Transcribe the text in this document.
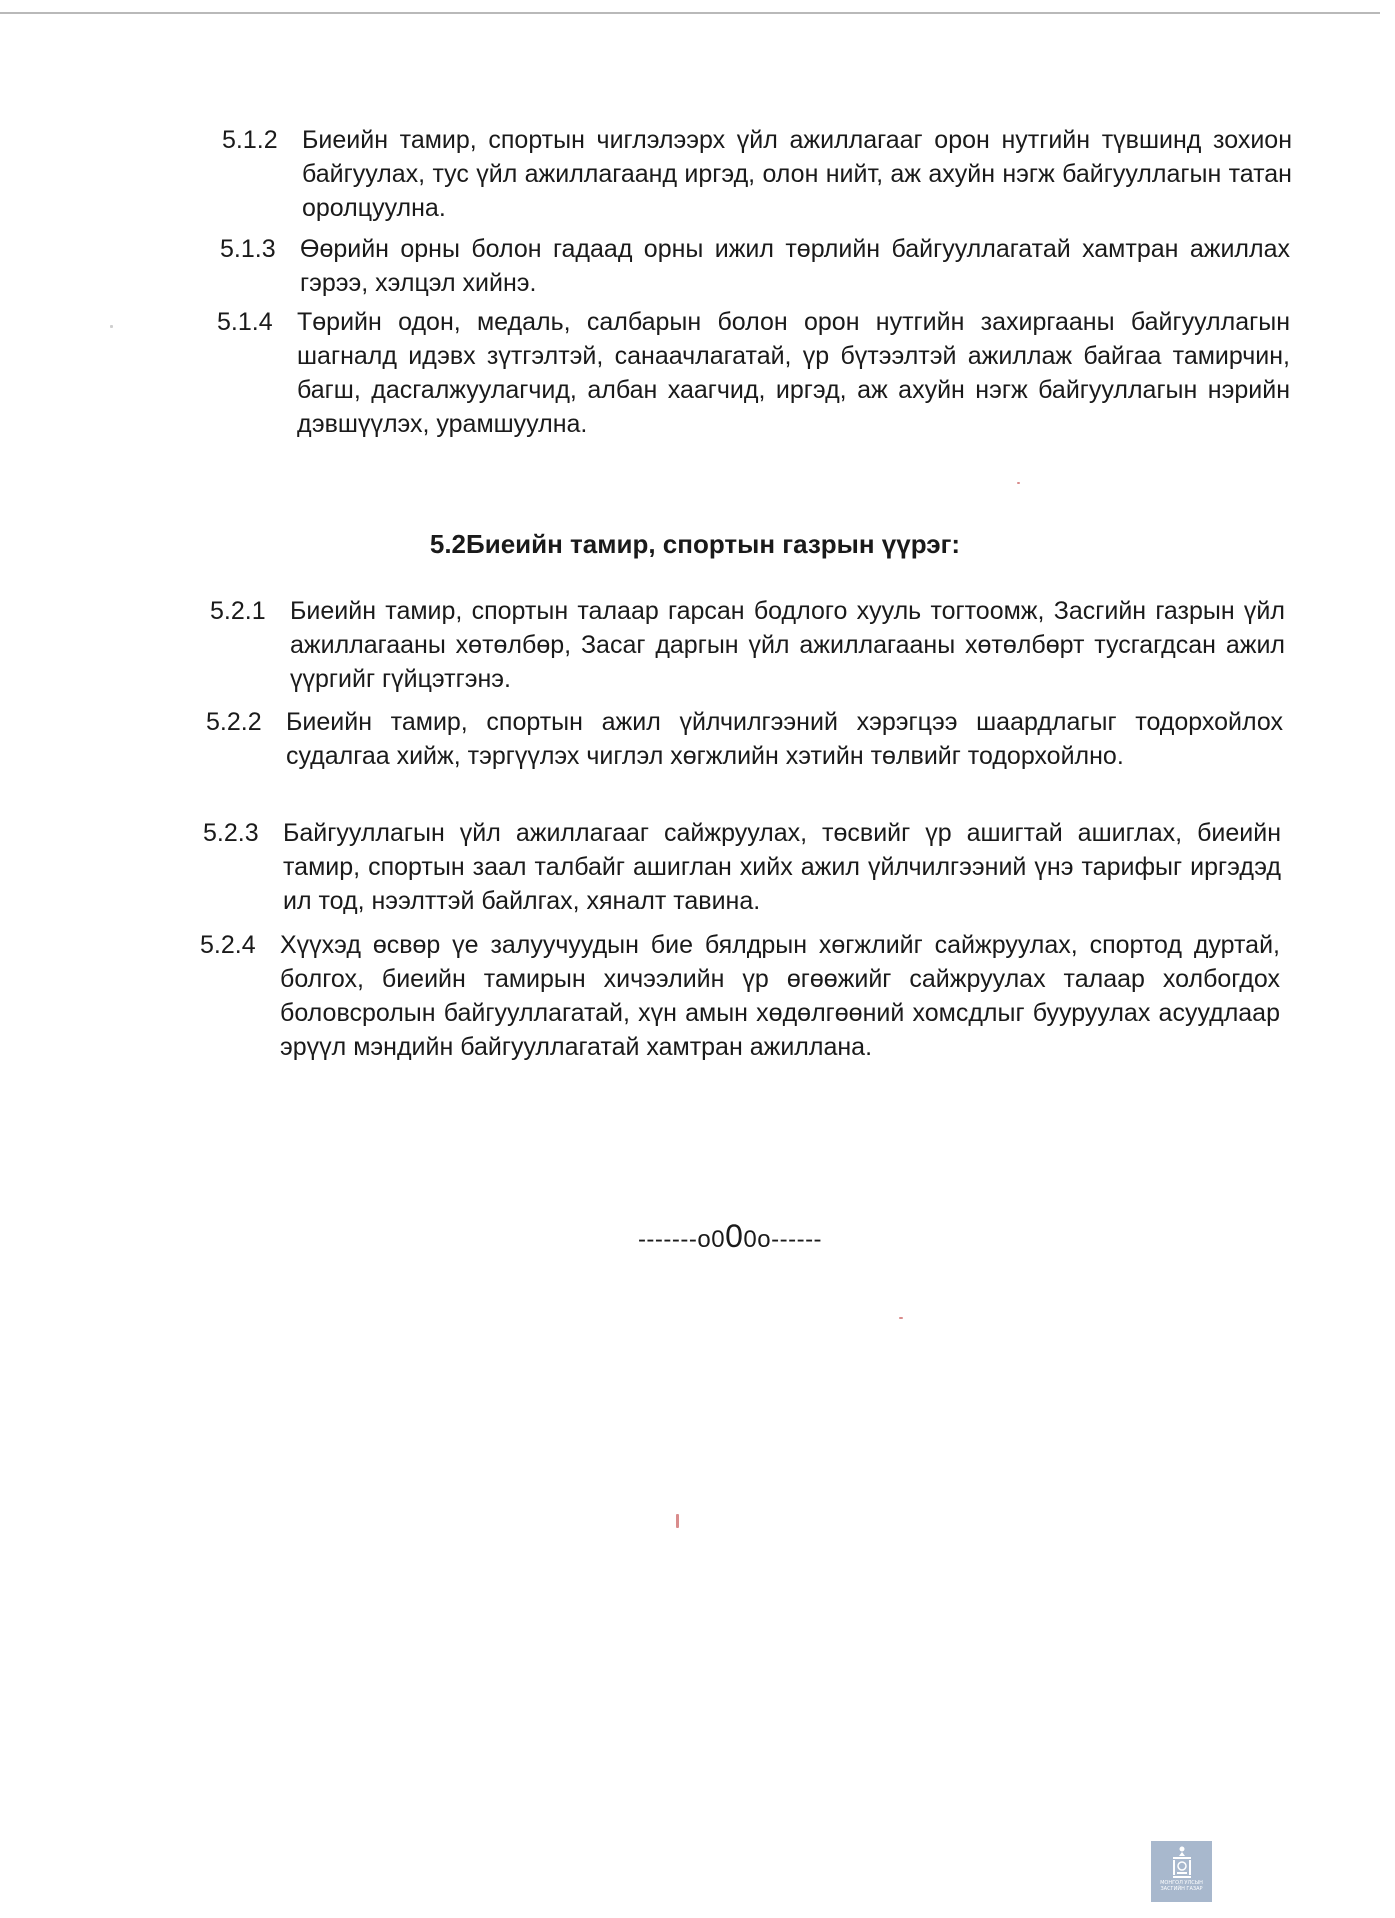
5.1.2 Биеийн тамир, спортын чиглэлээрх үйл ажиллагааг орон нутгийн түвшинд зохион байгуулах, тус үйл ажиллагаанд иргэд, олон нийт, аж ахуйн нэгж байгууллагын татан оролцуулна.
5.1.3 Өөрийн орны болон гадаад орны ижил төрлийн байгууллагатай хамтран ажиллах гэрээ, хэлцэл хийнэ.
5.1.4 Төрийн одон, медаль, салбарын болон орон нутгийн захиргааны байгууллагын шагналд идэвх зүтгэлтэй, санаачлагатай, үр бүтээлтэй ажиллаж байгаа тамирчин, багш, дасгалжуулагчид, албан хаагчид, иргэд, аж ахуйн нэгж байгууллагын нэрийн дэвшүүлэх, урамшуулна.
5.2Биеийн тамир, спортын газрын үүрэг:
5.2.1 Биеийн тамир, спортын талаар гарсан бодлого хууль тогтоомж, Засгийн газрын үйл ажиллагааны хөтөлбөр, Засаг даргын үйл ажиллагааны хөтөлбөрт тусгагдсан ажил үүргийг гүйцэтгэнэ.
5.2.2 Биеийн тамир, спортын ажил үйлчилгээний хэрэгцээ шаардлагыг тодорхойлох судалгаа хийж, тэргүүлэх чиглэл хөгжлийн хэтийн төлвийг тодорхойлно.
5.2.3 Байгууллагын үйл ажиллагааг сайжруулах, төсвийг үр ашигтай ашиглах, биеийн тамир, спортын заал талбайг ашиглан хийх ажил үйлчилгээний үнэ тарифыг иргэдэд ил тод, нээлттэй байлгах, хяналт тавина.
5.2.4 Хүүхэд өсвөр үе залуучуудын бие бялдрын хөгжлийг сайжруулах, спортод дуртай, болгох, биеийн тамирын хичээлийн үр өгөөжийг сайжруулах талаар холбогдох боловсролын байгууллагатай, хүн амын хөдөлгөөний хомсдлыг бууруулах асуудлаар эрүүл мэндийн байгууллагатай хамтран ажиллана.
-------o000o------
МОНГОЛ УЛСЫН
ЗАСГИЙН ГАЗАР
